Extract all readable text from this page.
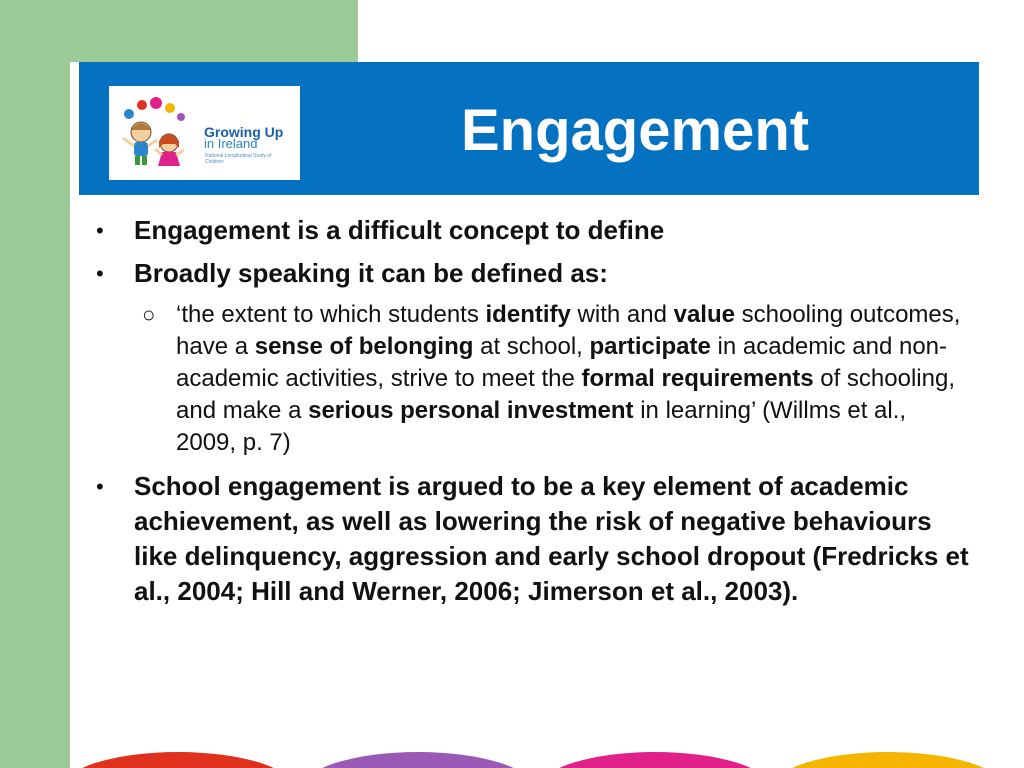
Growing Up
in Ireland
National Longitudinal Study of Children	Engagement
• Engagement is a difficult concept to define
• Broadly speaking it can be defined as:
○ ‘the extent to which students identify with and value schooling outcomes, have a sense of belonging at school, participate in academic and non-academic activities, strive to meet the formal requirements of schooling, and make a serious personal investment in learning’ (Willms et al., 2009, p. 7)
• School engagement is argued to be a key element of academic achievement, as well as lowering the risk of negative behaviours like delinquency, aggression and early school dropout (Fredricks et al., 2004; Hill and Werner, 2006; Jimerson et al., 2003).
